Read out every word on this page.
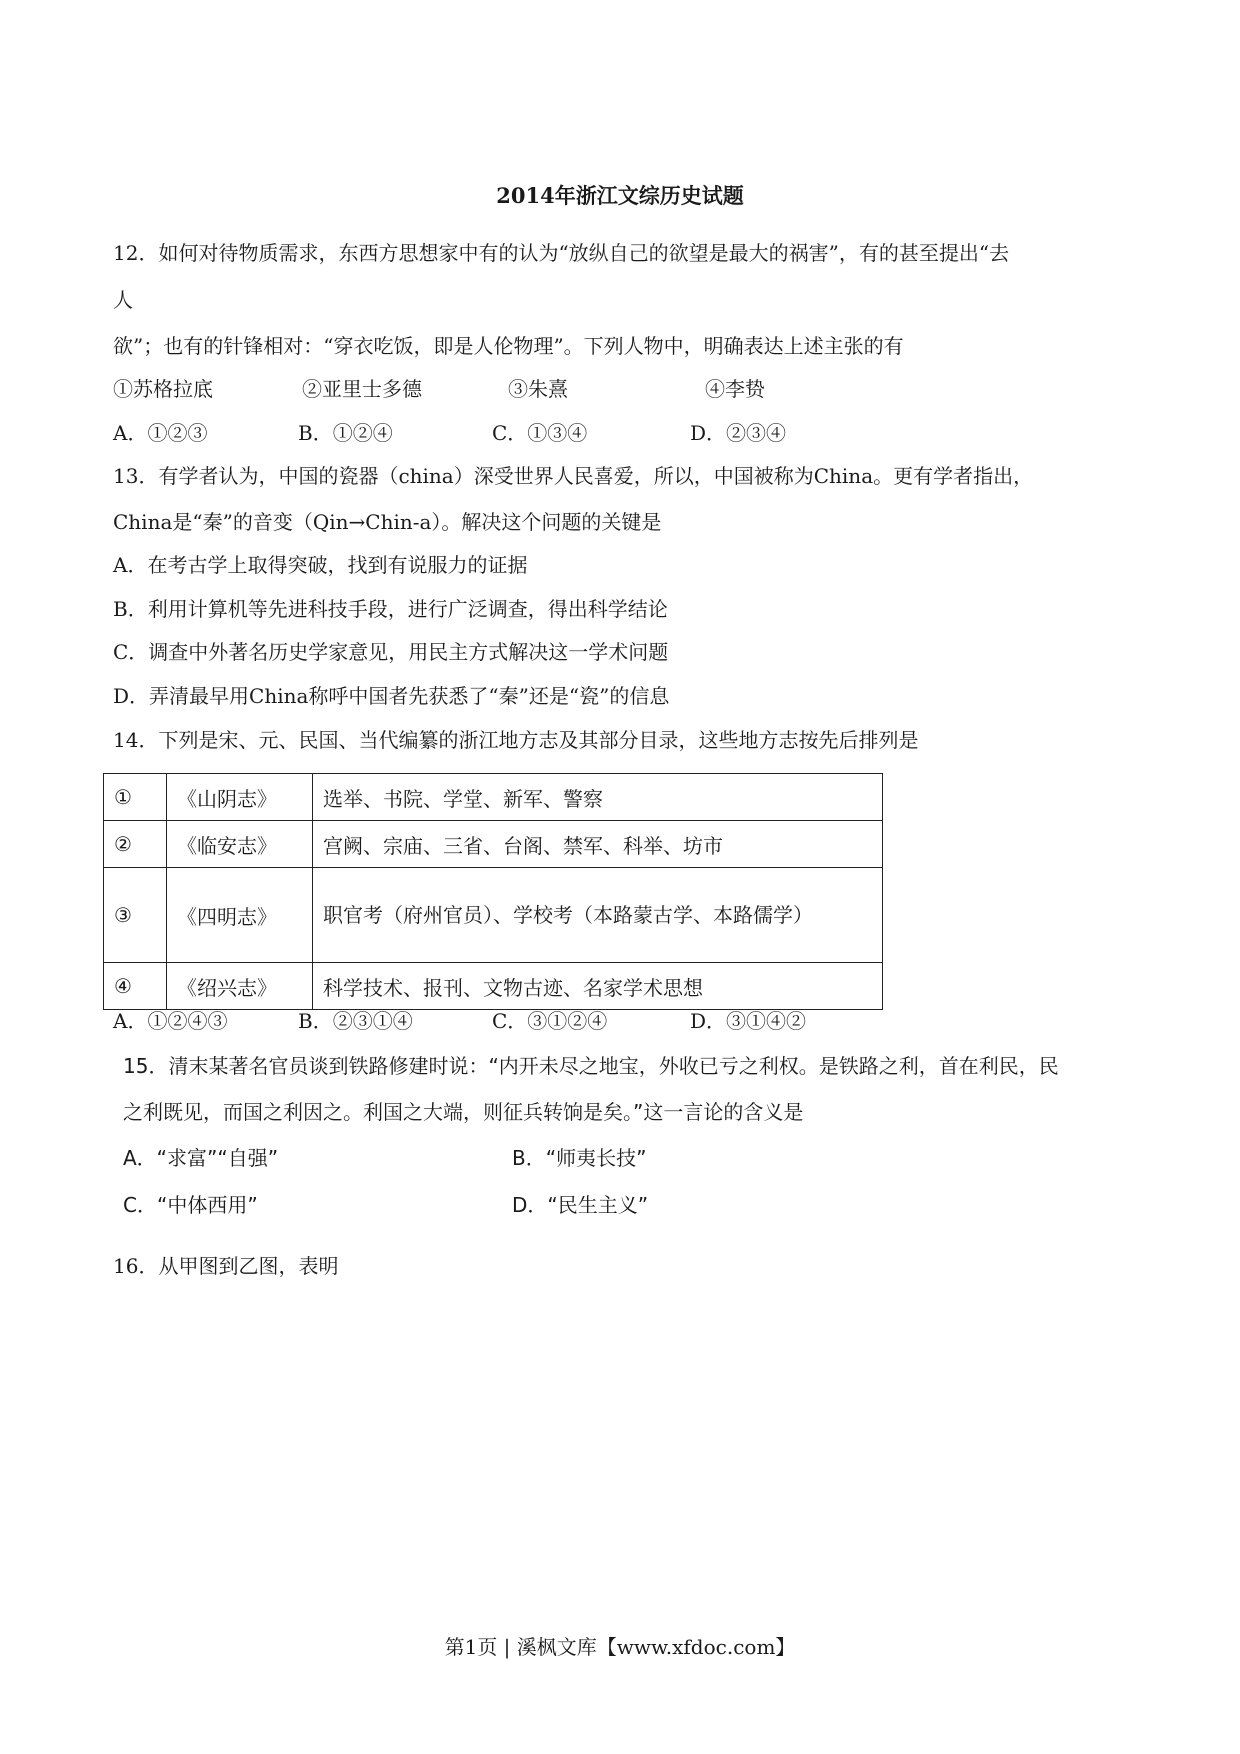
2014年浙江文综历史试题
12．如何对待物质需求，东西方思想家中有的认为“放纵自己的欲望是最大的祸害”，有的甚至提出“去
人
欲”；也有的针锋相对：“穿衣吃饭，即是人伦物理”。下列人物中，明确表达上述主张的有
①苏格拉底	②亚里士多德	③朱熹	④李贽
A．①②③	B．①②④	C．①③④	D．②③④
13．有学者认为，中国的瓷器（china）深受世界人民喜爱，所以，中国被称为China。更有学者指出，
China是“秦”的音变（Qin→Chin-a）。解决这个问题的关键是
A．在考古学上取得突破，找到有说服力的证据
B．利用计算机等先进科技手段，进行广泛调查，得出科学结论
C．调查中外著名历史学家意见，用民主方式解决这一学术问题
D．弄清最早用China称呼中国者先获悉了“秦”还是“瓷”的信息
14．下列是宋、元、民国、当代编纂的浙江地方志及其部分目录，这些地方志按先后排列是
①	《山阴志》	选举、书院、学堂、新军、警察
②	《临安志》	宫阙、宗庙、三省、台阁、禁军、科举、坊市
③	《四明志》	职官考（府州官员）、学校考（本路蒙古学、本路儒学）
④	《绍兴志》	科学技术、报刊、文物古迹、名家学术思想
A．①②④③	B．②③①④	C．③①②④	D．③①④②
15．清末某著名官员谈到铁路修建时说：“内开未尽之地宝，外收已亏之利权。是铁路之利，首在利民，民
之利既见，而国之利因之。利国之大端，则征兵转饷是矣。”这一言论的含义是
A．“求富”“自强”	B．“师夷长技”
C．“中体西用”	D．“民生主义”
16．从甲图到乙图，表明
第1页 | 溪枫文库【www.xfdoc.com】
